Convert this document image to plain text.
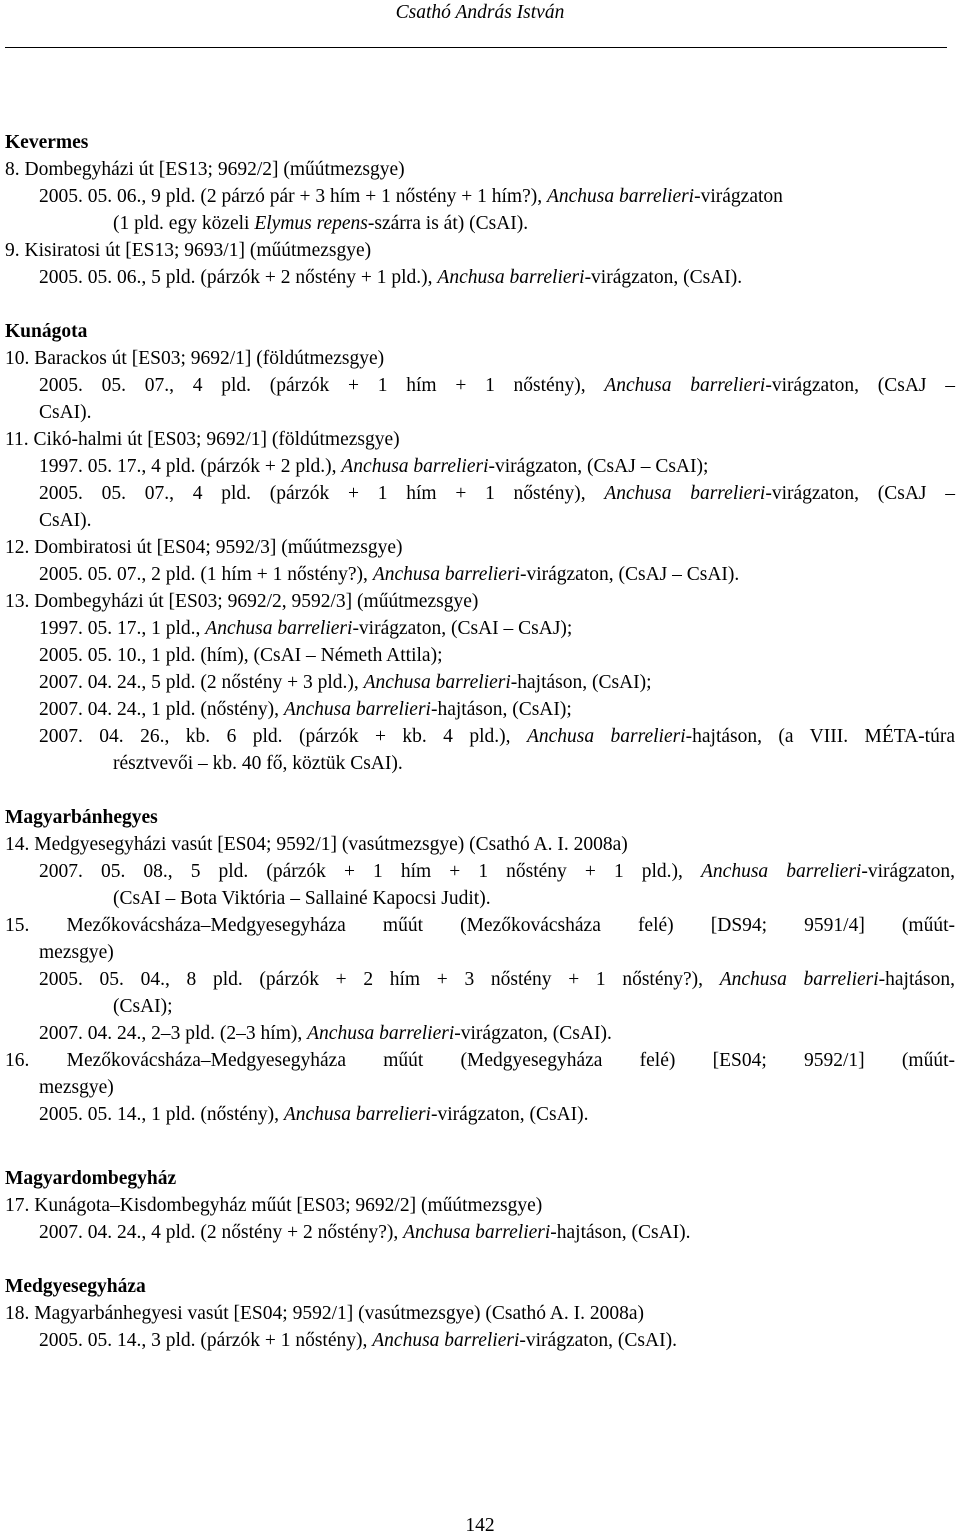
Csathó András István
Kevermes
8. Dombegyházi út [ES13; 9692/2] (műútmezsgye)
2005. 05. 06., 9 pld. (2 párzó pár + 3 hím + 1 nőstény + 1 hím?), Anchusa barrelieri-virágzaton
(1 pld. egy közeli Elymus repens-szárra is át) (CsAI).
9. Kisiratosi út [ES13; 9693/1] (műútmezsgye)
2005. 05. 06., 5 pld. (párzók + 2 nőstény + 1 pld.), Anchusa barrelieri-virágzaton, (CsAI).
Kunágota
10. Barackos út [ES03; 9692/1] (földútmezsgye)
2005. 05. 07., 4 pld. (párzók + 1 hím + 1 nőstény), Anchusa barrelieri-virágzaton, (CsAJ –
CsAI).
11. Cikó-halmi út [ES03; 9692/1] (földútmezsgye)
1997. 05. 17., 4 pld. (párzók + 2 pld.), Anchusa barrelieri-virágzaton, (CsAJ – CsAI);
2005. 05. 07., 4 pld. (párzók + 1 hím + 1 nőstény), Anchusa barrelieri-virágzaton, (CsAJ –
CsAI).
12. Dombiratosi út [ES04; 9592/3] (műútmezsgye)
2005. 05. 07., 2 pld. (1 hím + 1 nőstény?), Anchusa barrelieri-virágzaton, (CsAJ – CsAI).
13. Dombegyházi út [ES03; 9692/2, 9592/3] (műútmezsgye)
1997. 05. 17., 1 pld., Anchusa barrelieri-virágzaton, (CsAI – CsAJ);
2005. 05. 10., 1 pld. (hím), (CsAI – Németh Attila);
2007. 04. 24., 5 pld. (2 nőstény + 3 pld.), Anchusa barrelieri-hajtáson, (CsAI);
2007. 04. 24., 1 pld. (nőstény), Anchusa barrelieri-hajtáson, (CsAI);
2007. 04. 26., kb. 6 pld. (párzók + kb. 4 pld.), Anchusa barrelieri-hajtáson, (a VIII. MÉTA-túra
résztvevői – kb. 40 fő, köztük CsAI).
Magyarbánhegyes
14. Medgyesegyházi vasút [ES04; 9592/1] (vasútmezsgye) (Csathó A. I. 2008a)
2007. 05. 08., 5 pld. (párzók + 1 hím + 1 nőstény + 1 pld.), Anchusa barrelieri-virágzaton,
(CsAI – Bota Viktória – Sallainé Kapocsi Judit).
15. Mezőkovácsháza–Medgyesegyháza műút (Mezőkovácsháza felé) [DS94; 9591/4] (műút-
mezsgye)
2005. 05. 04., 8 pld. (párzók + 2 hím + 3 nőstény + 1 nőstény?), Anchusa barrelieri-hajtáson,
(CsAI);
2007. 04. 24., 2–3 pld. (2–3 hím), Anchusa barrelieri-virágzaton, (CsAI).
16. Mezőkovácsháza–Medgyesegyháza műút (Medgyesegyháza felé) [ES04; 9592/1] (műút-
mezsgye)
2005. 05. 14., 1 pld. (nőstény), Anchusa barrelieri-virágzaton, (CsAI).
Magyardombegyház
17. Kunágota–Kisdombegyház műút [ES03; 9692/2] (műútmezsgye)
2007. 04. 24., 4 pld. (2 nőstény + 2 nőstény?), Anchusa barrelieri-hajtáson, (CsAI).
Medgyesegyháza
18. Magyarbánhegyesi vasút [ES04; 9592/1] (vasútmezsgye) (Csathó A. I. 2008a)
2005. 05. 14., 3 pld. (párzók + 1 nőstény), Anchusa barrelieri-virágzaton, (CsAI).
142
